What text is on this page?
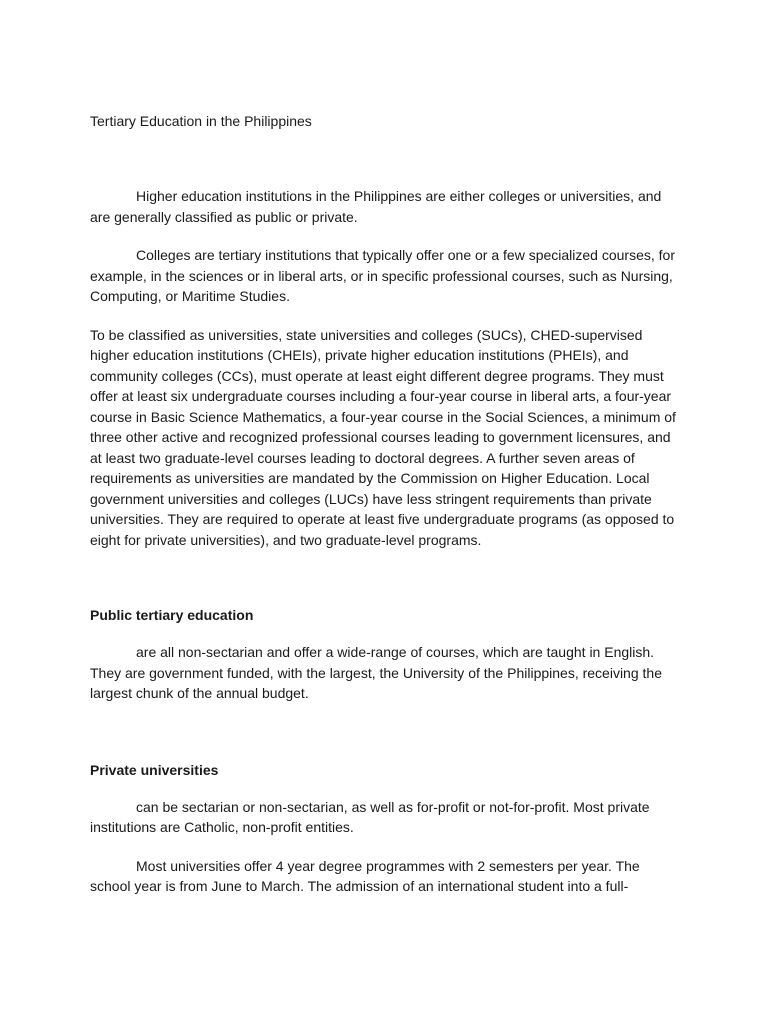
Tertiary Education in the Philippines

Higher education institutions in the Philippines are either colleges or universities, and are generally classified as public or private.

Colleges are tertiary institutions that typically offer one or a few specialized courses, for example, in the sciences or in liberal arts, or in specific professional courses, such as Nursing, Computing, or Maritime Studies.

To be classified as universities, state universities and colleges (SUCs), CHED-supervised higher education institutions (CHEIs), private higher education institutions (PHEIs), and community colleges (CCs), must operate at least eight different degree programs. They must offer at least six undergraduate courses including a four-year course in liberal arts, a four-year course in Basic Science Mathematics, a four-year course in the Social Sciences, a minimum of three other active and recognized professional courses leading to government licensures, and at least two graduate-level courses leading to doctoral degrees. A further seven areas of requirements as universities are mandated by the Commission on Higher Education. Local government universities and colleges (LUCs) have less stringent requirements than private universities. They are required to operate at least five undergraduate programs (as opposed to eight for private universities), and two graduate-level programs.

Public tertiary education

are all non-sectarian and offer a wide-range of courses, which are taught in English. They are government funded, with the largest, the University of the Philippines, receiving the largest chunk of the annual budget.

Private universities

can be sectarian or non-sectarian, as well as for-profit or not-for-profit. Most private institutions are Catholic, non-profit entities.

Most universities offer 4 year degree programmes with 2 semesters per year. The school year is from June to March. The admission of an international student into a full-
